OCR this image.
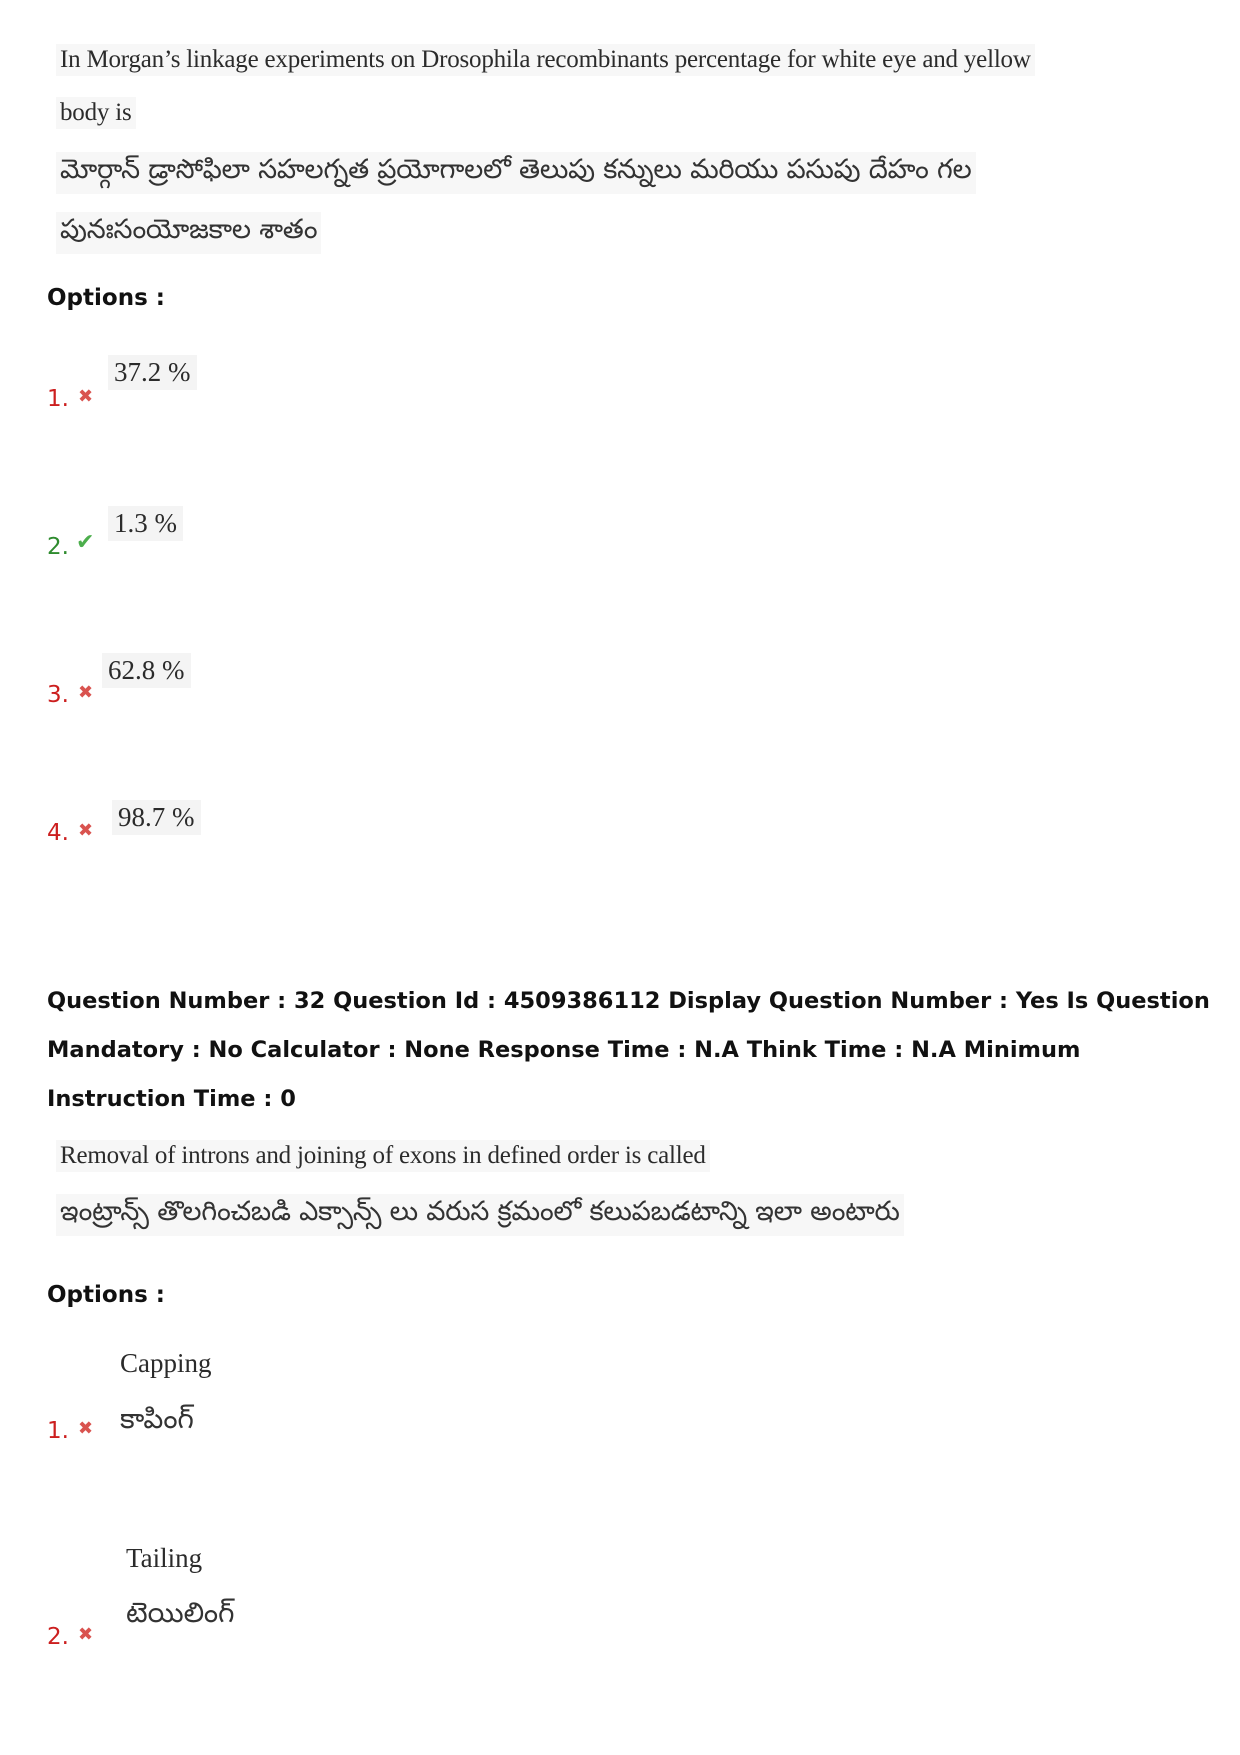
In Morgan’s linkage experiments on Drosophila recombinants percentage for white eye and yellow
body is
మోర్గాన్ డ్రాసోఫిలా సహలగ్నత ప్రయోగాలలో తెలుపు కన్నులు మరియు పసుపు దేహం గల
పునఃసంయోజకాల శాతం
Options :
1. ✖
37.2 %
2. ✔
1.3 %
3. ✖
62.8 %
4. ✖ 98.7 %
Question Number : 32 Question Id : 4509386112 Display Question Number : Yes Is Question Mandatory : No Calculator : None Response Time : N.A Think Time : N.A Minimum Instruction Time : 0
Removal of introns and joining of exons in defined order is called
ఇంట్రాన్స్ తొలగించబడి ఎక్సాన్స్ లు వరుస క్రమంలో కలుపబడటాన్ని ఇలా అంటారు
Options :
Capping
కాపింగ్
1. ✖
Tailing
టెయిలింగ్
2. ✖
